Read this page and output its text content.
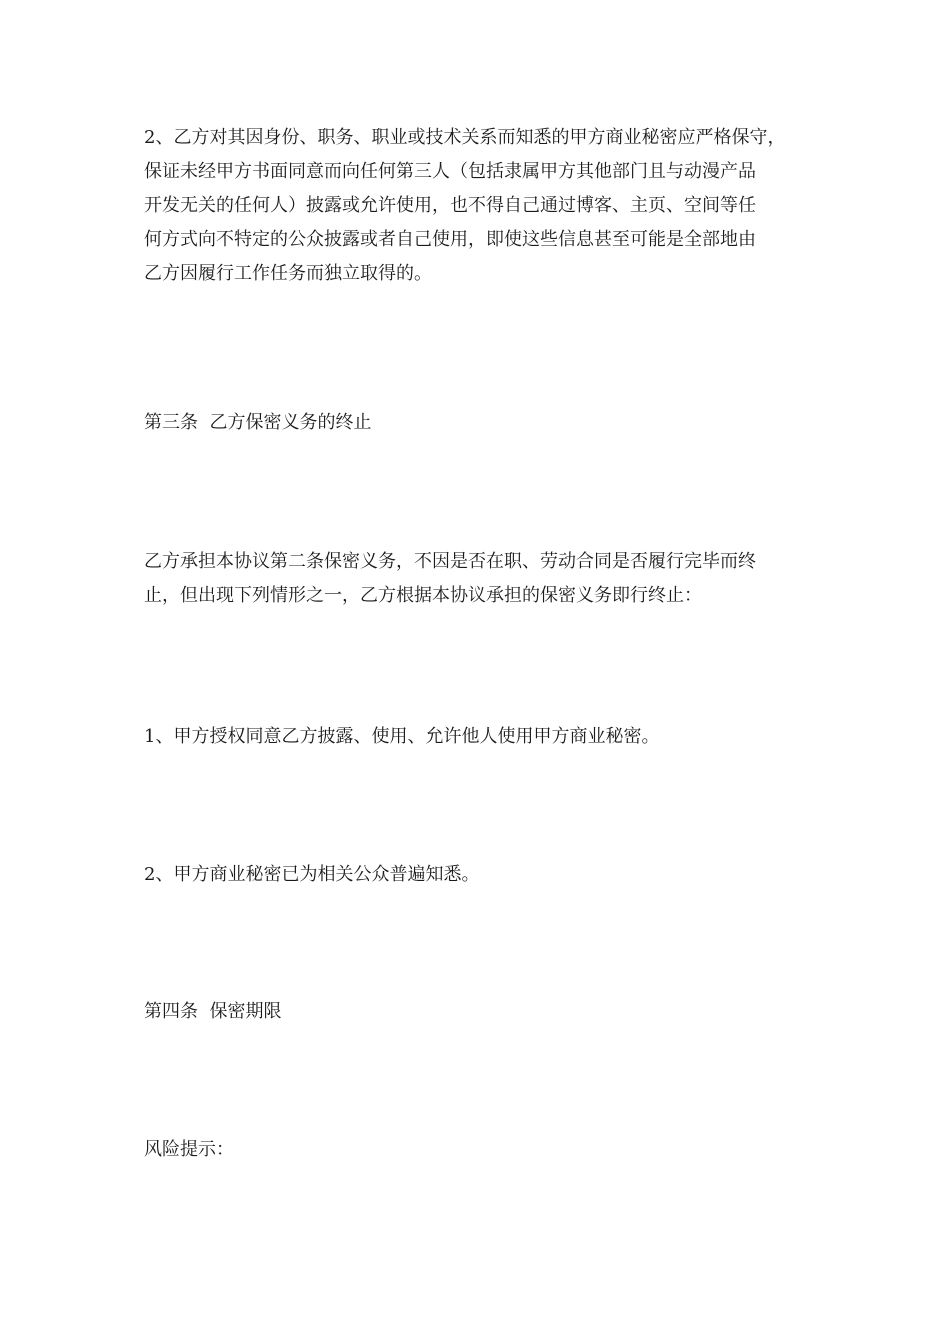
2、乙方对其因身份、职务、职业或技术关系而知悉的甲方商业秘密应严格保守，
保证未经甲方书面同意而向任何第三人（包括隶属甲方其他部门且与动漫产品
开发无关的任何人）披露或允许使用，也不得自己通过博客、主页、空间等任
何方式向不特定的公众披露或者自己使用，即使这些信息甚至可能是全部地由
乙方因履行工作任务而独立取得的。
第三条  乙方保密义务的终止
乙方承担本协议第二条保密义务，不因是否在职、劳动合同是否履行完毕而终
止，但出现下列情形之一，乙方根据本协议承担的保密义务即行终止：
1、甲方授权同意乙方披露、使用、允许他人使用甲方商业秘密。
2、甲方商业秘密已为相关公众普遍知悉。
第四条  保密期限
风险提示：
